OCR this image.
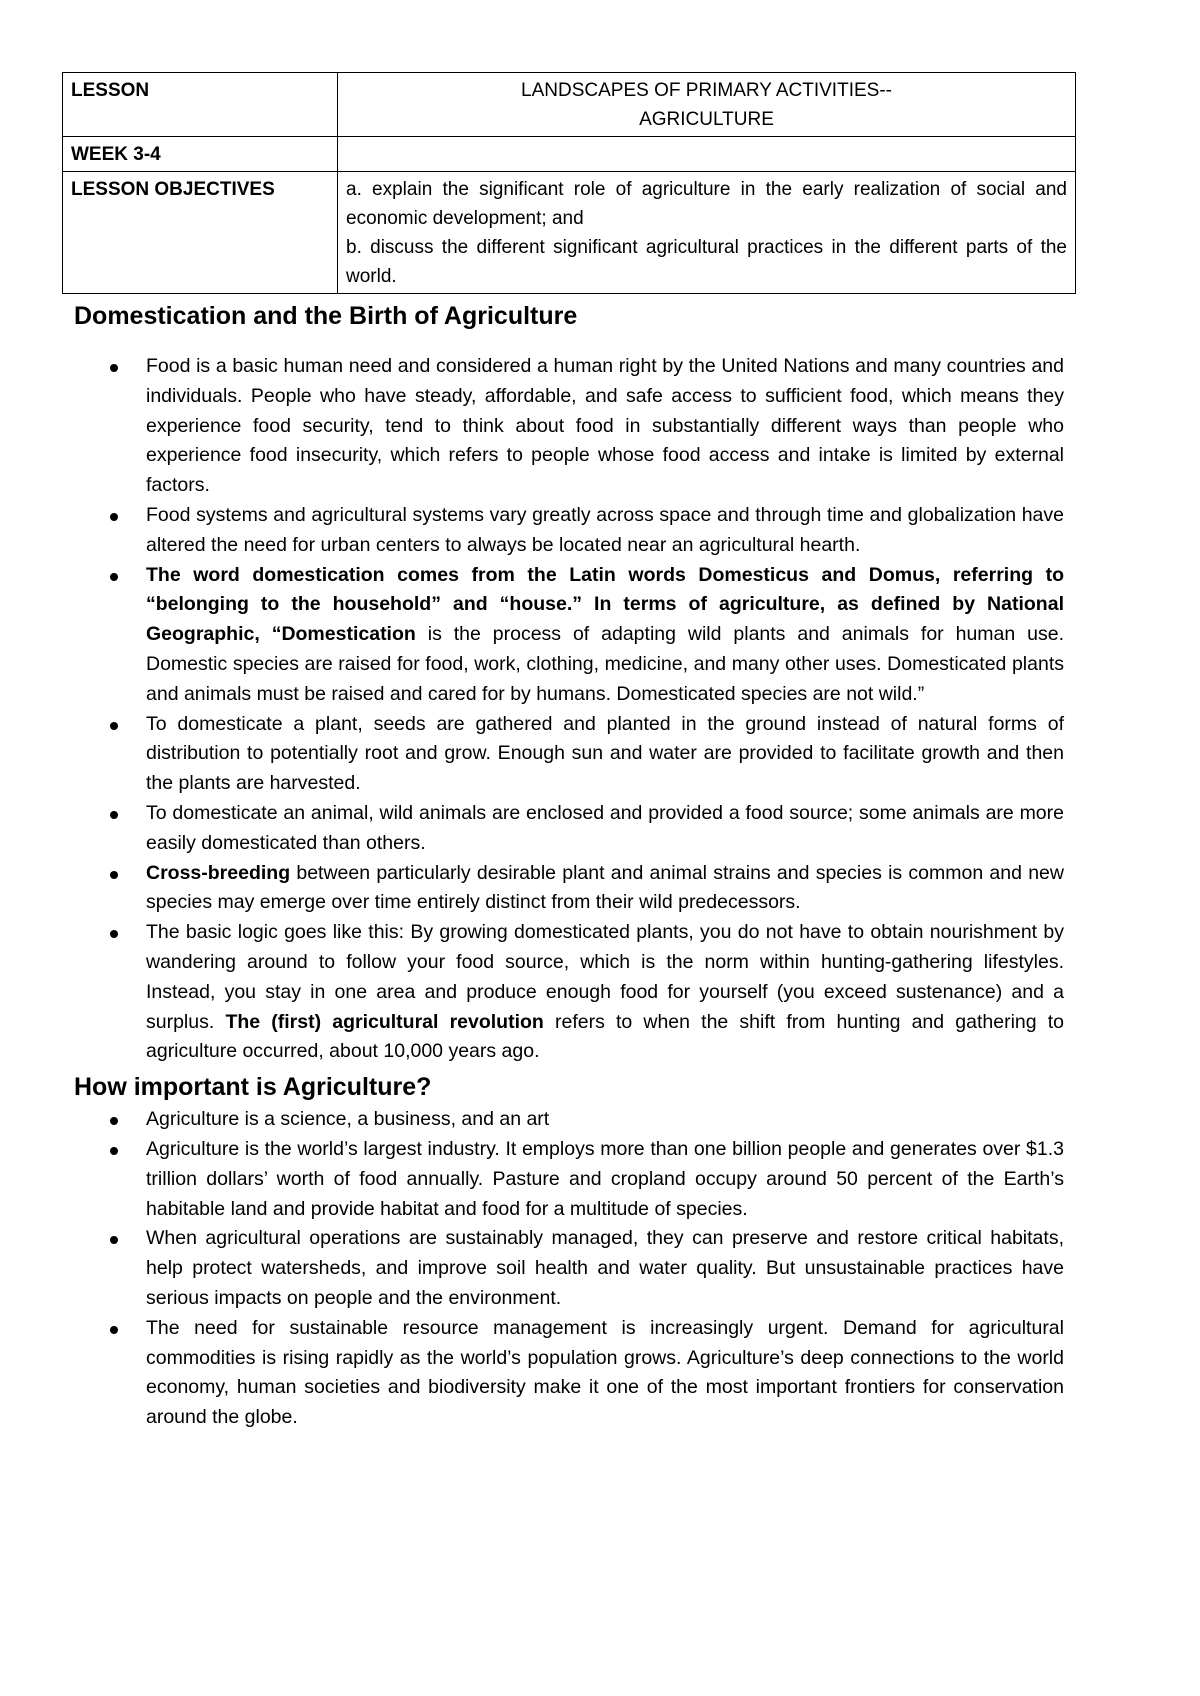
LESSON	LANDSCAPES OF PRIMARY ACTIVITIES--
AGRICULTURE

WEEK 3-4	
LESSON OBJECTIVES	a. explain the significant role of agriculture in the early realization of social and economic development; and
b. discuss the different significant agricultural practices in the different parts of the world.
Domestication and the Birth of Agriculture
Food is a basic human need and considered a human right by the United Nations and many countries and individuals. People who have steady, affordable, and safe access to sufficient food, which means they experience food security, tend to think about food in substantially different ways than people who experience food insecurity, which refers to people whose food access and intake is limited by external factors.
Food systems and agricultural systems vary greatly across space and through time and globalization have altered the need for urban centers to always be located near an agricultural hearth.
The word domestication comes from the Latin words Domesticus and Domus, referring to “belonging to the household” and “house.” In terms of agriculture, as defined by National Geographic, “Domestication is the process of adapting wild plants and animals for human use. Domestic species are raised for food, work, clothing, medicine, and many other uses. Domesticated plants and animals must be raised and cared for by humans. Domesticated species are not wild.”
To domesticate a plant, seeds are gathered and planted in the ground instead of natural forms of distribution to potentially root and grow. Enough sun and water are provided to facilitate growth and then the plants are harvested.
To domesticate an animal, wild animals are enclosed and provided a food source; some animals are more easily domesticated than others.
Cross-breeding between particularly desirable plant and animal strains and species is common and new species may emerge over time entirely distinct from their wild predecessors.
The basic logic goes like this: By growing domesticated plants, you do not have to obtain nourishment by wandering around to follow your food source, which is the norm within hunting-gathering lifestyles. Instead, you stay in one area and produce enough food for yourself (you exceed sustenance) and a surplus. The (first) agricultural revolution refers to when the shift from hunting and gathering to agriculture occurred, about 10,000 years ago.
How important is Agriculture?
Agriculture is a science, a business, and an art
Agriculture is the world’s largest industry. It employs more than one billion people and generates over $1.3 trillion dollars’ worth of food annually. Pasture and cropland occupy around 50 percent of the Earth’s habitable land and provide habitat and food for a multitude of species.
When agricultural operations are sustainably managed, they can preserve and restore critical habitats, help protect watersheds, and improve soil health and water quality. But unsustainable practices have serious impacts on people and the environment.
The need for sustainable resource management is increasingly urgent. Demand for agricultural commodities is rising rapidly as the world’s population grows. Agriculture’s deep connections to the world economy, human societies and biodiversity make it one of the most important frontiers for conservation around the globe.
